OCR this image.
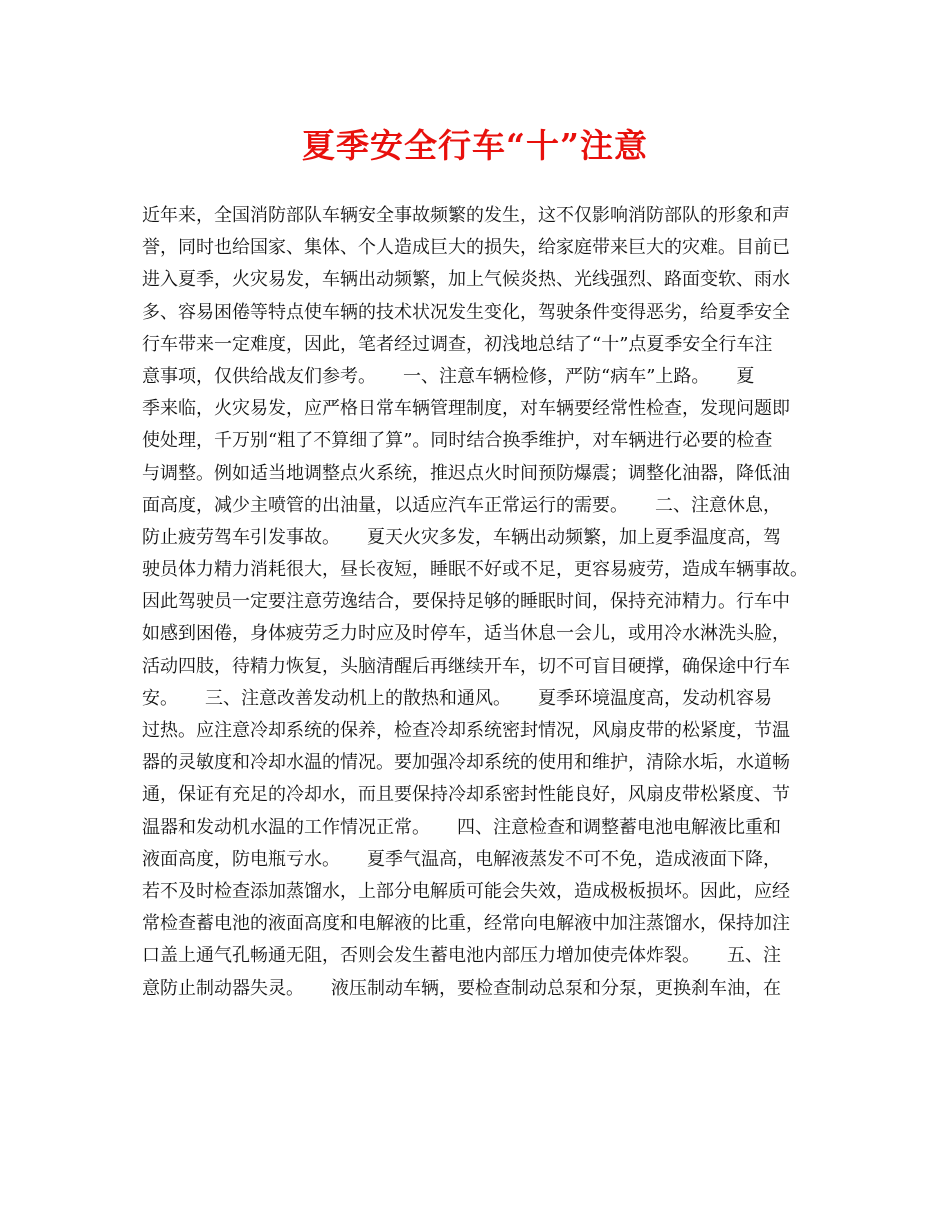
夏季安全行车“十”注意
近年来，全国消防部队车辆安全事故频繁的发生，这不仅影响消防部队的形象和声
誉，同时也给国家、集体、个人造成巨大的损失，给家庭带来巨大的灾难。目前已
进入夏季，火灾易发，车辆出动频繁，加上气候炎热、光线强烈、路面变软、雨水
多、容易困倦等特点使车辆的技术状况发生变化，驾驶条件变得恶劣，给夏季安全
行车带来一定难度，因此，笔者经过调查，初浅地总结了“十”点夏季安全行车注
意事项，仅供给战友们参考。　　一、注意车辆检修，严防“病车”上路。　　夏
季来临，火灾易发，应严格日常车辆管理制度，对车辆要经常性检查，发现问题即
使处理，千万别“粗了不算细了算”。同时结合换季维护，对车辆进行必要的检查
与调整。例如适当地调整点火系统，推迟点火时间预防爆震；调整化油器，降低油
面高度，减少主喷管的出油量，以适应汽车正常运行的需要。　　二、注意休息，
防止疲劳驾车引发事故。　　夏天火灾多发，车辆出动频繁，加上夏季温度高，驾
驶员体力精力消耗很大，昼长夜短，睡眠不好或不足，更容易疲劳，造成车辆事故。
因此驾驶员一定要注意劳逸结合，要保持足够的睡眠时间，保持充沛精力。行车中
如感到困倦，身体疲劳乏力时应及时停车，适当休息一会儿，或用冷水淋洗头脸，
活动四肢，待精力恢复，头脑清醒后再继续开车，切不可盲目硬撑，确保途中行车
安。　　三、注意改善发动机上的散热和通风。　　夏季环境温度高，发动机容易
过热。应注意冷却系统的保养，检查冷却系统密封情况，风扇皮带的松紧度，节温
器的灵敏度和冷却水温的情况。要加强冷却系统的使用和维护，清除水垢，水道畅
通，保证有充足的冷却水，而且要保持冷却系密封性能良好，风扇皮带松紧度、节
温器和发动机水温的工作情况正常。　　四、注意检查和调整蓄电池电解液比重和
液面高度，防电瓶亏水。　　夏季气温高，电解液蒸发不可不免，造成液面下降，
若不及时检查添加蒸馏水，上部分电解质可能会失效，造成极板损坏。因此，应经
常检查蓄电池的液面高度和电解液的比重，经常向电解液中加注蒸馏水，保持加注
口盖上通气孔畅通无阻，否则会发生蓄电池内部压力增加使壳体炸裂。　　五、注
意防止制动器失灵。　　液压制动车辆，要检查制动总泵和分泵，更换刹车油，在
